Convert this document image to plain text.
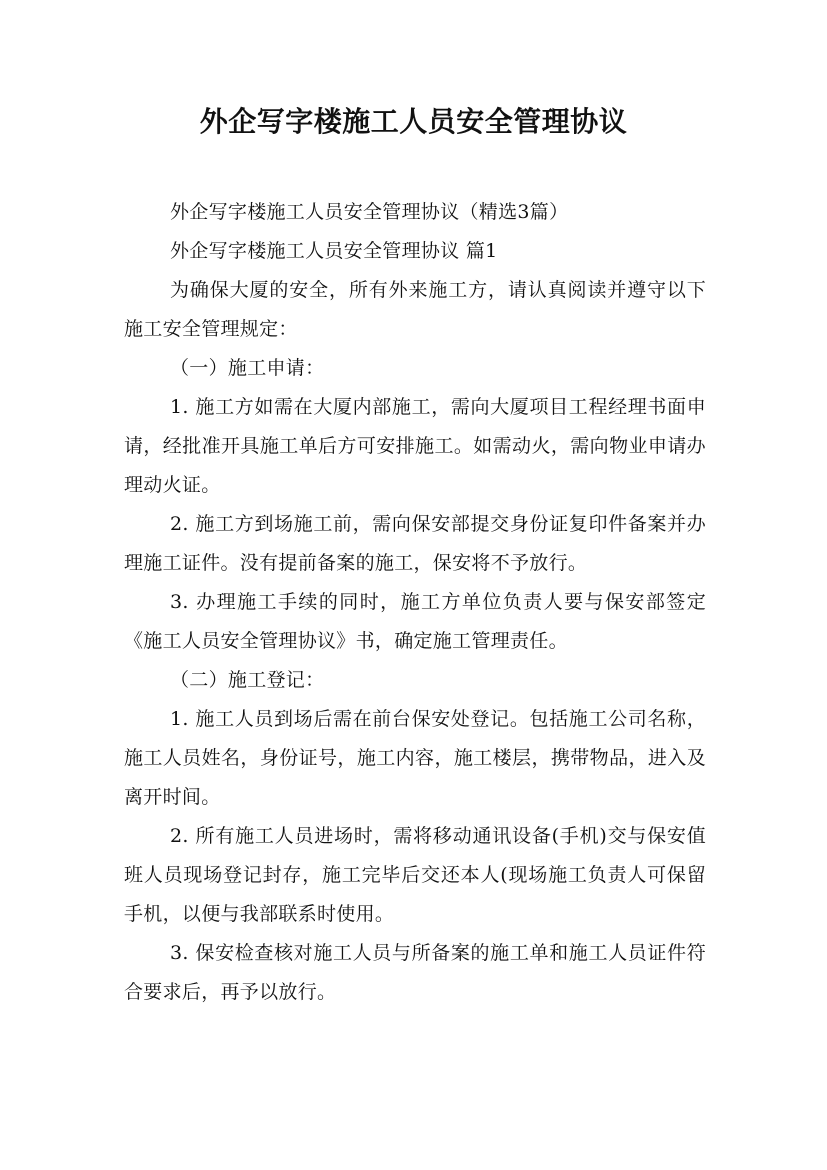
外企写字楼施工人员安全管理协议

外企写字楼施工人员安全管理协议（精选3篇）

外企写字楼施工人员安全管理协议 篇1

为确保大厦的安全，所有外来施工方，请认真阅读并遵守以下施工安全管理规定：

（一）施工申请：

1. 施工方如需在大厦内部施工，需向大厦项目工程经理书面申请，经批准开具施工单后方可安排施工。如需动火，需向物业申请办理动火证。

2. 施工方到场施工前，需向保安部提交身份证复印件备案并办理施工证件。没有提前备案的施工，保安将不予放行。

3. 办理施工手续的同时，施工方单位负责人要与保安部签定《施工人员安全管理协议》书，确定施工管理责任。

（二）施工登记：

1. 施工人员到场后需在前台保安处登记。包括施工公司名称，施工人员姓名，身份证号，施工内容，施工楼层，携带物品，进入及离开时间。

2. 所有施工人员进场时，需将移动通讯设备(手机)交与保安值班人员现场登记封存，施工完毕后交还本人(现场施工负责人可保留手机，以便与我部联系时使用。

3. 保安检查核对施工人员与所备案的施工单和施工人员证件符合要求后，再予以放行。
